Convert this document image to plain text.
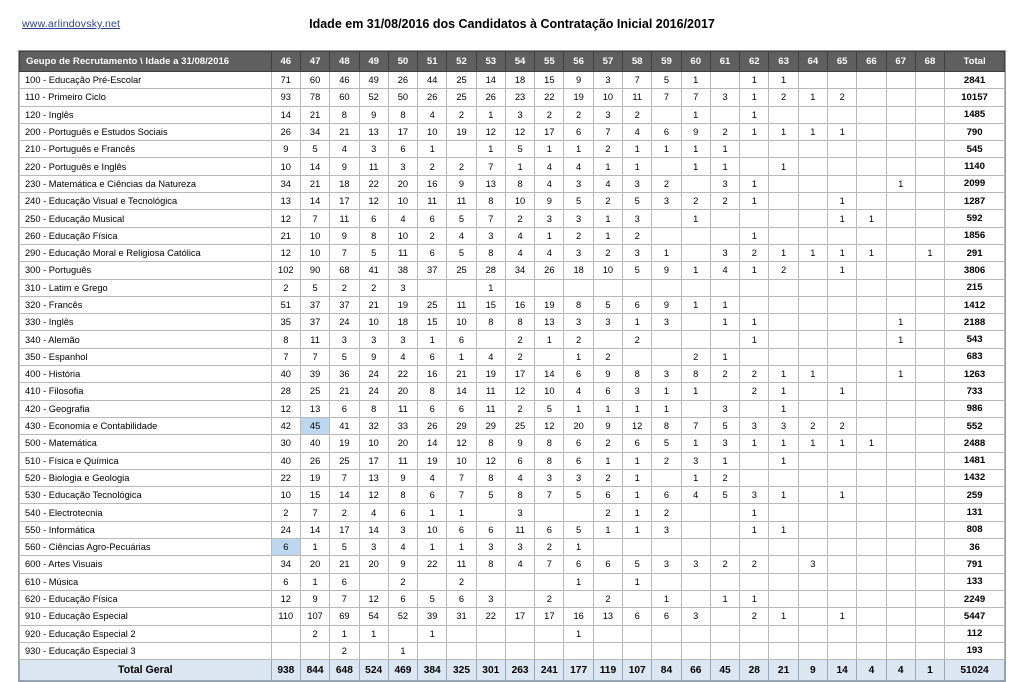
www.arlindovsky.net	Idade em 31/08/2016 dos Candidatos à Contratação Inicial 2016/2017
Geupo de Recrutamento \ Idade a 31/08/2016	46	47	48	49	50	51	52	53	54	55	56	57	58	59	60	61	62	63	64	65	66	67	68	Total
100 - Educação Pré-Escolar	71	60	46	49	26	44	25	14	18	15	9	3	7	5	1		1	1						2841
110 - Primeiro Ciclo	93	78	60	52	50	26	25	26	23	22	19	10	11	7	7	3	1	2	1	2				10157
120 - Inglês	14	21	8	9	8	4	2	1	3	2	2	3	2		1		1							1485
200 - Português e Estudos Sociais	26	34	21	13	17	10	19	12	12	17	6	7	4	6	9	2	1	1	1	1				790
210 - Português e Francês	9	5	4	3	6	1		1	5	1	1	2	1	1	1	1								545
220 - Português e Inglês	10	14	9	11	3	2	2	7	1	4	4	1	1		1	1		1						1140
230 - Matemática e Ciências da Natureza	34	21	18	22	20	16	9	13	8	4	3	4	3	2		3	1					1		2099
240 - Educação Visual e Tecnológica	13	14	17	12	10	11	11	8	10	9	5	2	5	3	2	2	1			1				1287
250 - Educação Musical	12	7	11	6	4	6	5	7	2	3	3	1	3		1					1	1			592
260 - Educação Física	21	10	9	8	10	2	4	3	4	1	2	1	2				1							1856
290 - Educação Moral e Religiosa Católica	12	10	7	5	11	6	5	8	4	4	3	2	3	1		3	2	1	1	1	1		1	291
300 - Português	102	90	68	41	38	37	25	28	34	26	18	10	5	9	1	4	1	2		1				3806
310 - Latim e Grego	2	5	2	2	3			1																215
320 - Francês	51	37	37	21	19	25	11	15	16	19	8	5	6	9	1	1								1412
330 - Inglês	35	37	24	10	18	15	10	8	8	13	3	3	1	3		1	1					1		2188
340 - Alemão	8	11	3	3	3	1	6		2	1	2		2				1					1		543
350 - Espanhol	7	7	5	9	4	6	1	4	2		1	2			2	1								683
400 - História	40	39	36	24	22	16	21	19	17	14	6	9	8	3	8	2	2	1	1			1		1263
410 - Filosofia	28	25	21	24	20	8	14	11	12	10	4	6	3	1	1		2	1		1				733
420 - Geografia	12	13	6	8	11	6	6	11	2	5	1	1	1	1		3		1						986
430 - Economia e Contabilidade	42	45	41	32	33	26	29	29	25	12	20	9	12	8	7	5	3	3	2	2				552
500 - Matemática	30	40	19	10	20	14	12	8	9	8	6	2	6	5	1	3	1	1	1	1	1			2488
510 - Física e Química	40	26	25	17	11	19	10	12	6	8	6	1	1	2	3	1		1						1481
520 - Biologia e Geologia	22	19	7	13	9	4	7	8	4	3	3	2	1		1	2								1432
530 - Educação Tecnológica	10	15	14	12	8	6	7	5	8	7	5	6	1	6	4	5	3	1		1				259
540 - Electrotecnia	2	7	2	4	6	1	1		3			2	1	2			1							131
550 - Informática	24	14	17	14	3	10	6	6	11	6	5	1	1	3			1	1						808
560 - Ciências Agro-Pecuárias	6	1	5	3	4	1	1	3	3	2	1													36
600 - Artes Visuais	34	20	21	20	9	22	11	8	4	7	6	6	5	3	3	2	2		3					791
610 - Música	6	1	6		2		2				1		1											133
620 - Educação Física	12	9	7	12	6	5	6	3		2		2		1		1	1							2249
910 - Educação Especial	110	107	69	54	52	39	31	22	17	17	16	13	6	6	3		2	1		1				5447
920 - Educação Especial 2		2	1	1		1					1													112
930 - Educação Especial 3			2		1																			193
Total Geral	938	844	648	524	469	384	325	301	263	241	177	119	107	84	66	45	28	21	9	14	4	4	1	51024
